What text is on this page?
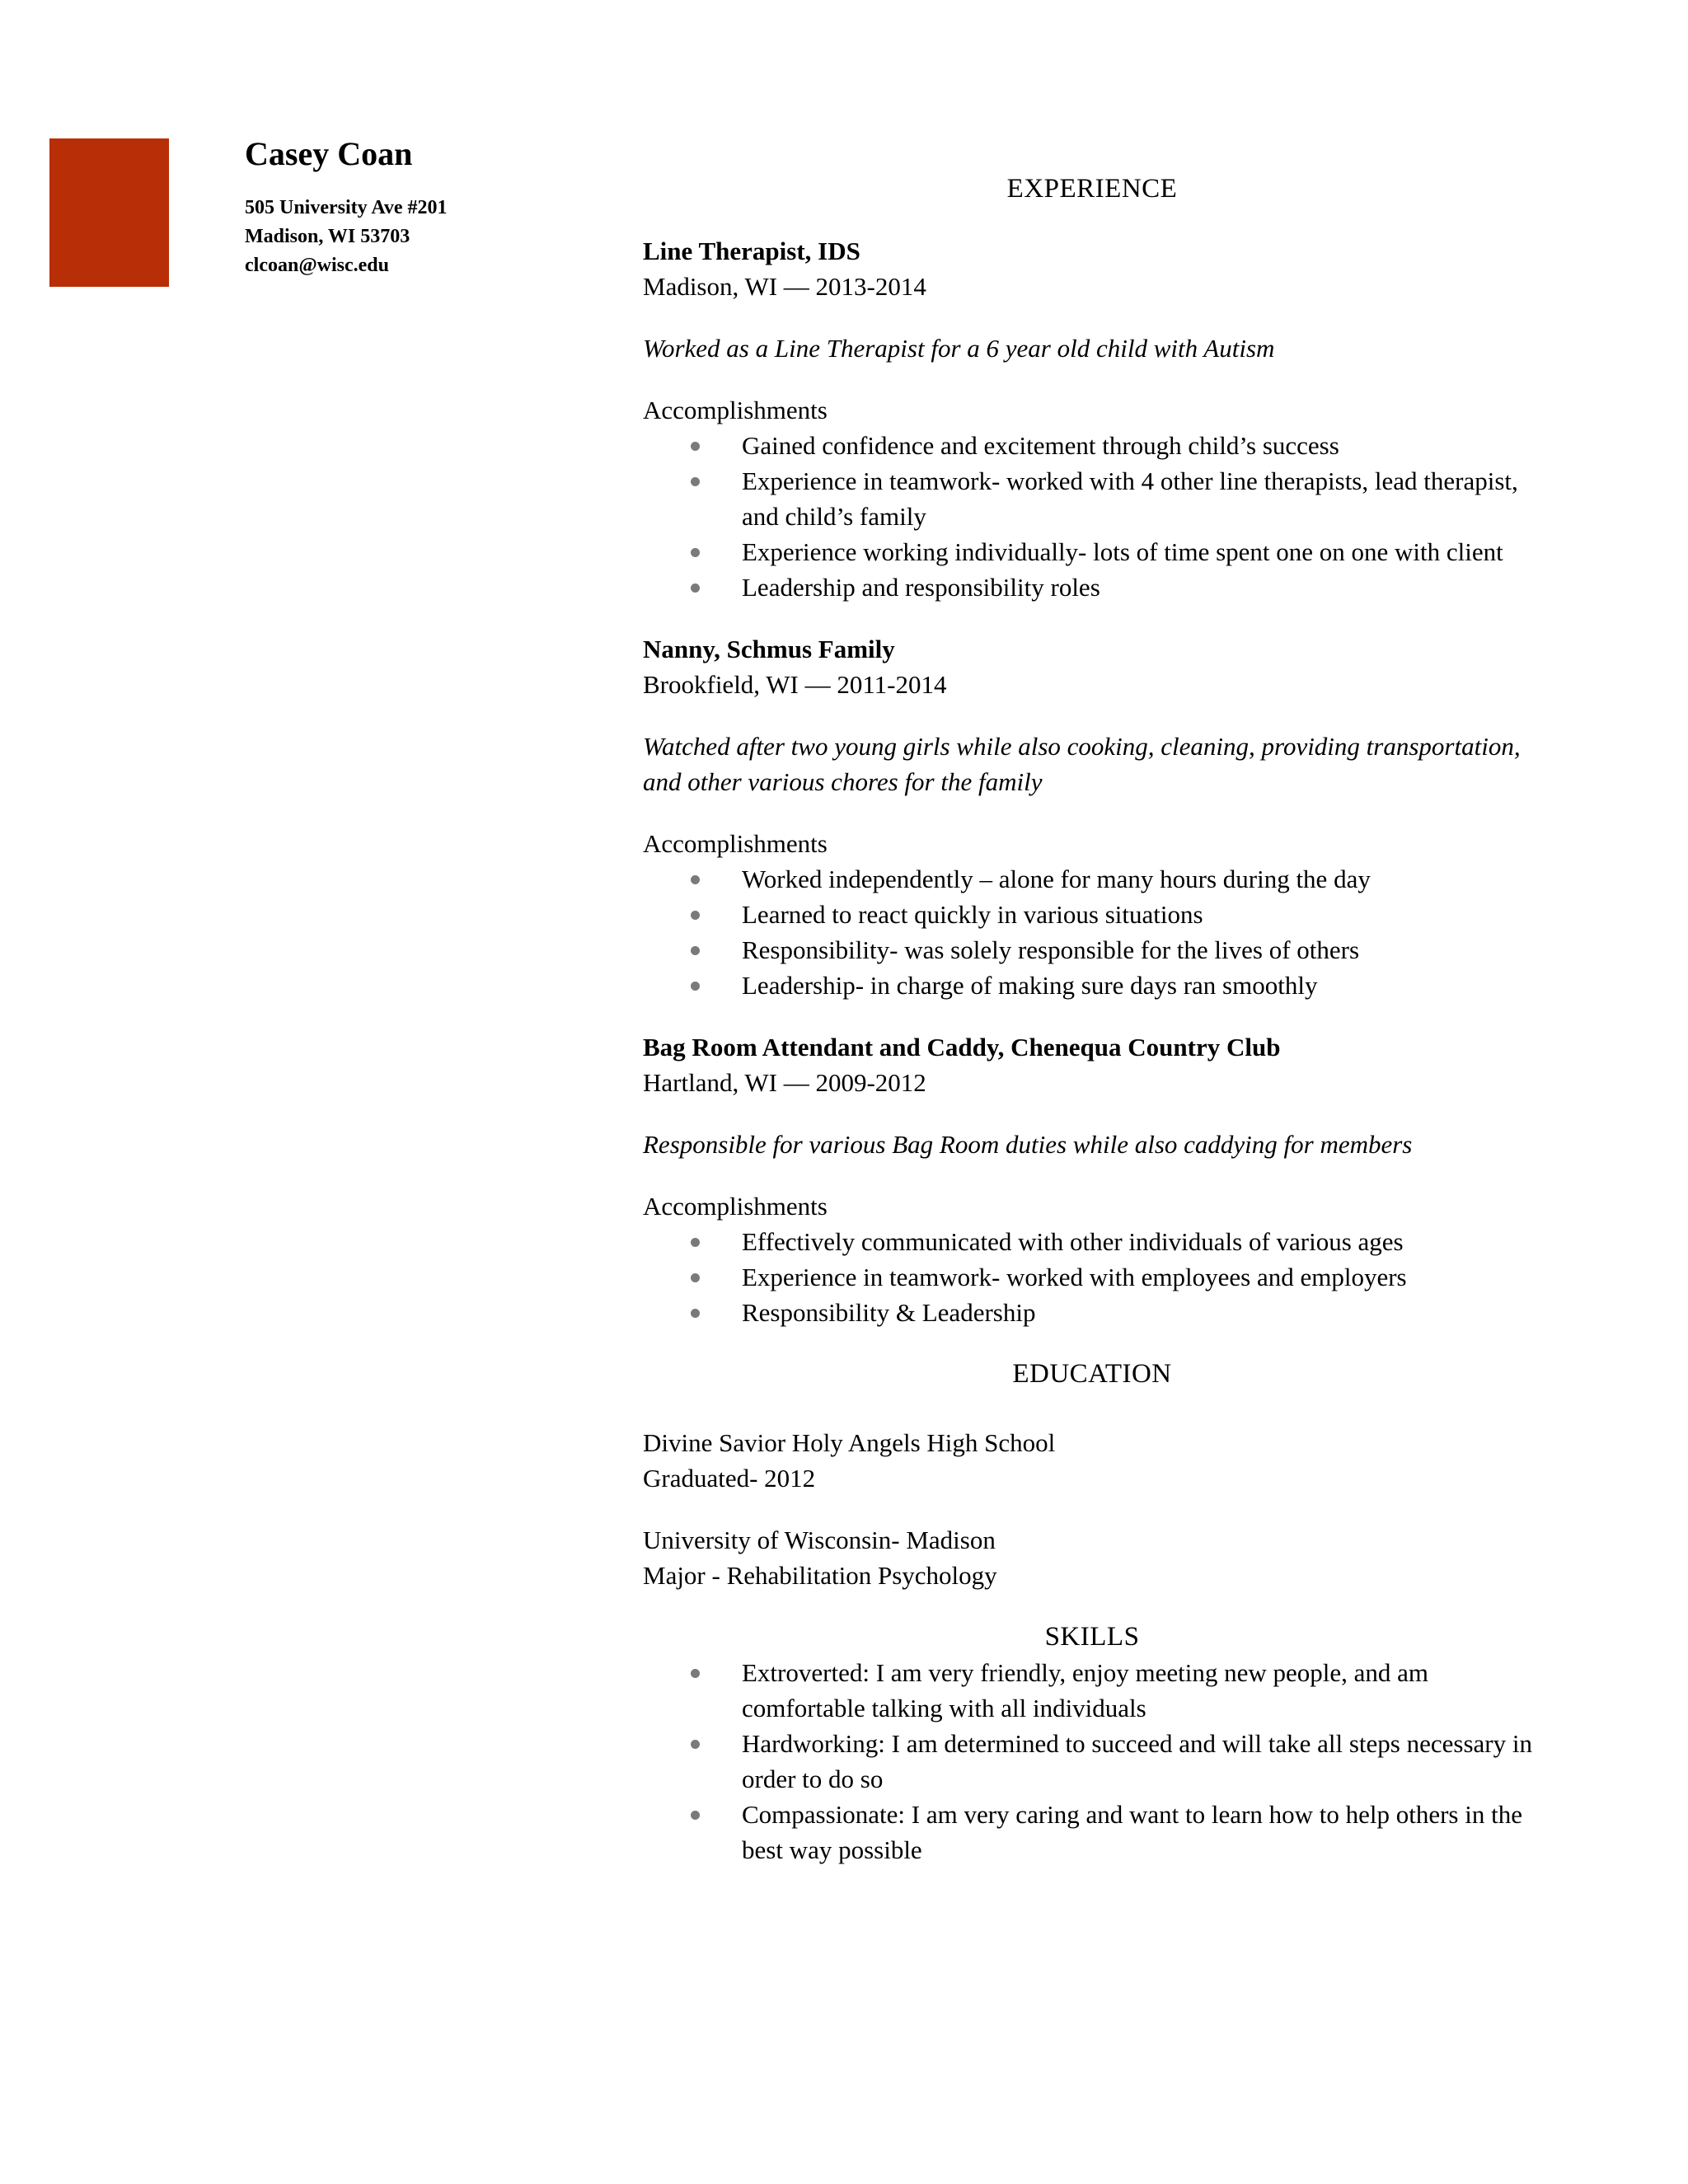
Casey Coan
505 University Ave #201
Madison, WI 53703
clcoan@wisc.edu
EXPERIENCE
Line Therapist, IDS
Madison, WI — 2013-2014
Worked as a Line Therapist for a 6 year old child with Autism
Accomplishments
Gained confidence and excitement through child’s success
Experience in teamwork- worked with 4 other line therapists, lead therapist, and child’s family
Experience working individually- lots of time spent one on one with client
Leadership and responsibility roles
Nanny, Schmus Family
Brookfield, WI — 2011-2014
Watched after two young girls while also cooking, cleaning, providing transportation, and other various chores for the family
Accomplishments
Worked independently – alone for many hours during the day
Learned to react quickly in various situations
Responsibility- was solely responsible for the lives of others
Leadership- in charge of making sure days ran smoothly
Bag Room Attendant and Caddy, Chenequa Country Club
Hartland, WI — 2009-2012
Responsible for various Bag Room duties while also caddying for members
Accomplishments
Effectively communicated with other individuals of various ages
Experience in teamwork- worked with employees and employers
Responsibility & Leadership
EDUCATION
Divine Savior Holy Angels High School
Graduated- 2012
University of Wisconsin- Madison
Major - Rehabilitation Psychology
SKILLS
Extroverted: I am very friendly, enjoy meeting new people, and am comfortable talking with all individuals
Hardworking: I am determined to succeed and will take all steps necessary in order to do so
Compassionate: I am very caring and want to learn how to help others in the best way possible
